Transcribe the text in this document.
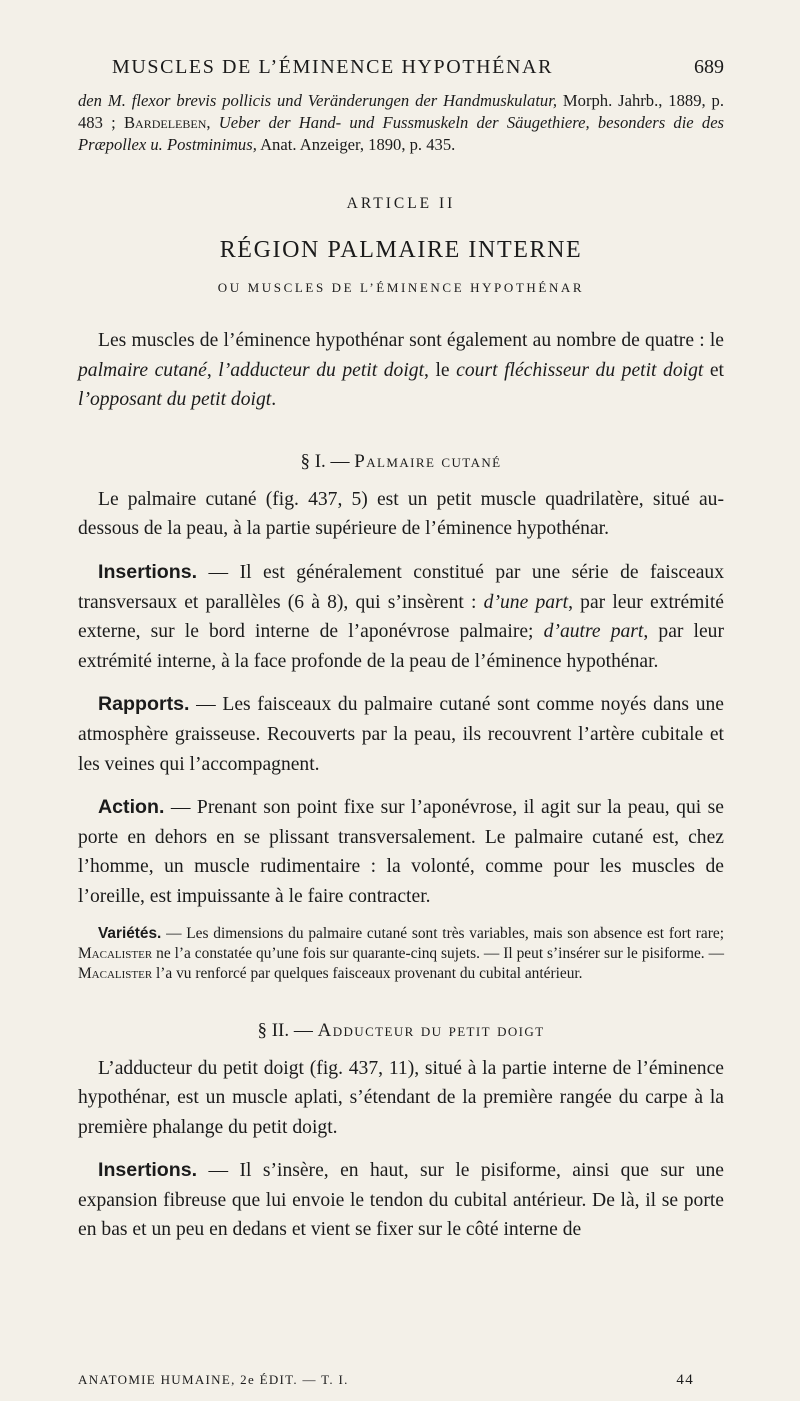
MUSCLES DE L’ÉMINENCE HYPOTHÉNAR	689

den M. flexor brevis pollicis und Veränderungen der Handmuskulatur, Morph. Jahrb., 1889, p. 483 ; Bardeleben, Ueber der Hand- und Fussmuskeln der Säugethiere, besonders die des Præpollex u. Postminimus, Anat. Anzeiger, 1890, p. 435.

ARTICLE II
RÉGION PALMAIRE INTERNE
OU MUSCLES DE L’ÉMINENCE HYPOTHÉNAR

Les muscles de l’éminence hypothénar sont également au nombre de quatre : le palmaire cutané, l’adducteur du petit doigt, le court fléchisseur du petit doigt et l’opposant du petit doigt.

§ I. — Palmaire cutané

Le palmaire cutané (fig. 437, 5) est un petit muscle quadrilatère, situé au-dessous de la peau, à la partie supérieure de l’éminence hypothénar.

Insertions. — Il est généralement constitué par une série de faisceaux transversaux et parallèles (6 à 8), qui s’insèrent : d’une part, par leur extrémité externe, sur le bord interne de l’aponévrose palmaire; d’autre part, par leur extrémité interne, à la face profonde de la peau de l’éminence hypothénar.

Rapports. — Les faisceaux du palmaire cutané sont comme noyés dans une atmosphère graisseuse. Recouverts par la peau, ils recouvrent l’artère cubitale et les veines qui l’accompagnent.

Action. — Prenant son point fixe sur l’aponévrose, il agit sur la peau, qui se porte en dehors en se plissant transversalement. Le palmaire cutané est, chez l’homme, un muscle rudimentaire : la volonté, comme pour les muscles de l’oreille, est impuissante à le faire contracter.

Variétés. — Les dimensions du palmaire cutané sont très variables, mais son absence est fort rare; Macalister ne l’a constatée qu’une fois sur quarante-cinq sujets. — Il peut s’insérer sur le pisiforme. — Macalister l’a vu renforcé par quelques faisceaux provenant du cubital antérieur.

§ II. — Adducteur du petit doigt

L’adducteur du petit doigt (fig. 437, 11), situé à la partie interne de l’éminence hypothénar, est un muscle aplati, s’étendant de la première rangée du carpe à la première phalange du petit doigt.

Insertions. — Il s’insère, en haut, sur le pisiforme, ainsi que sur une expansion fibreuse que lui envoie le tendon du cubital antérieur. De là, il se porte en bas et un peu en dedans et vient se fixer sur le côté interne de

ANATOMIE HUMAINE, 2e ÉDIT. — T. I.	44
